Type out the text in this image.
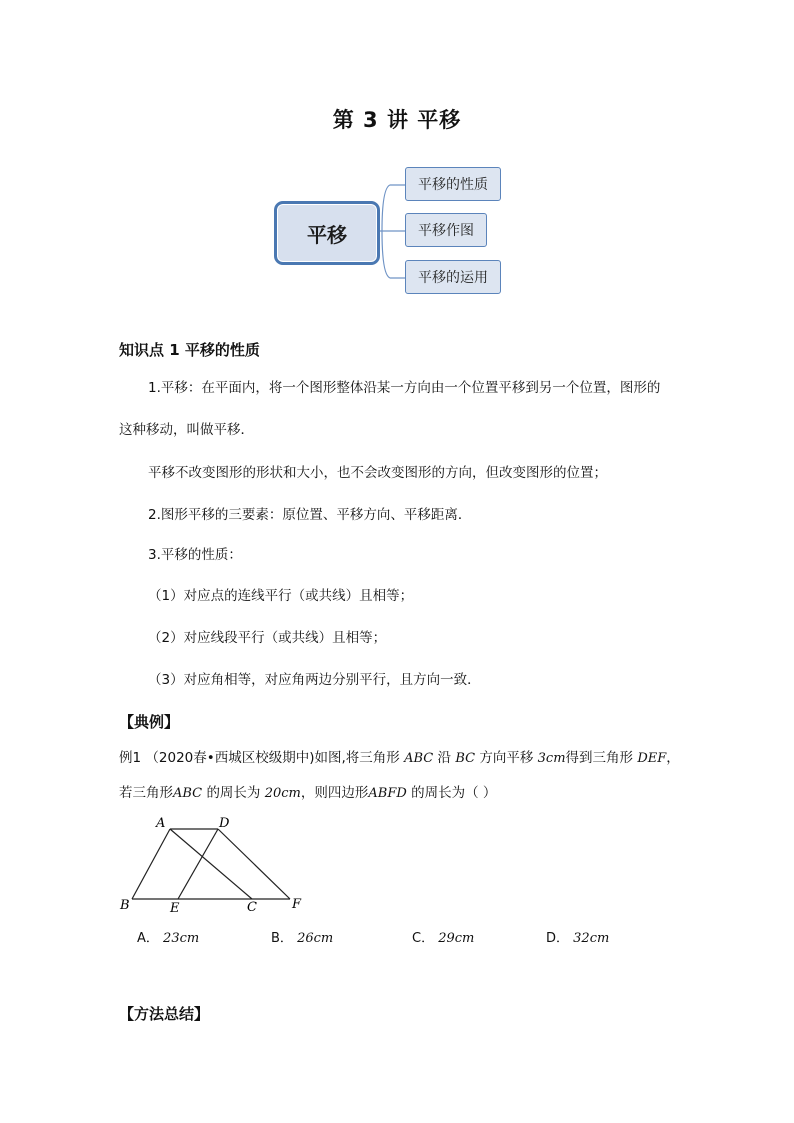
第 3 讲 平移
平移
平移的性质
平移作图
平移的运用
知识点 1 平移的性质
1.平移：在平面内，将一个图形整体沿某一方向由一个位置平移到另一个位置，图形的
这种移动，叫做平移．
平移不改变图形的形状和大小，也不会改变图形的方向，但改变图形的位置；
2.图形平移的三要素：原位置、平移方向、平移距离．
3.平移的性质：
（1）对应点的连线平行（或共线）且相等；
（2）对应线段平行（或共线）且相等；
（3）对应角相等，对应角两边分别平行，且方向一致．
【典例】
例1 （2020春•西城区校级期中)如图,将三角形 ABC 沿 BC 方向平移 3cm得到三角形 DEF，
若三角形ABC 的周长为 20cm，则四边形ABFD 的周长为（ ）
A	D
B	E	C	F
A． 23cm	B． 26cm	C． 29cm	D． 32cm
【方法总结】
